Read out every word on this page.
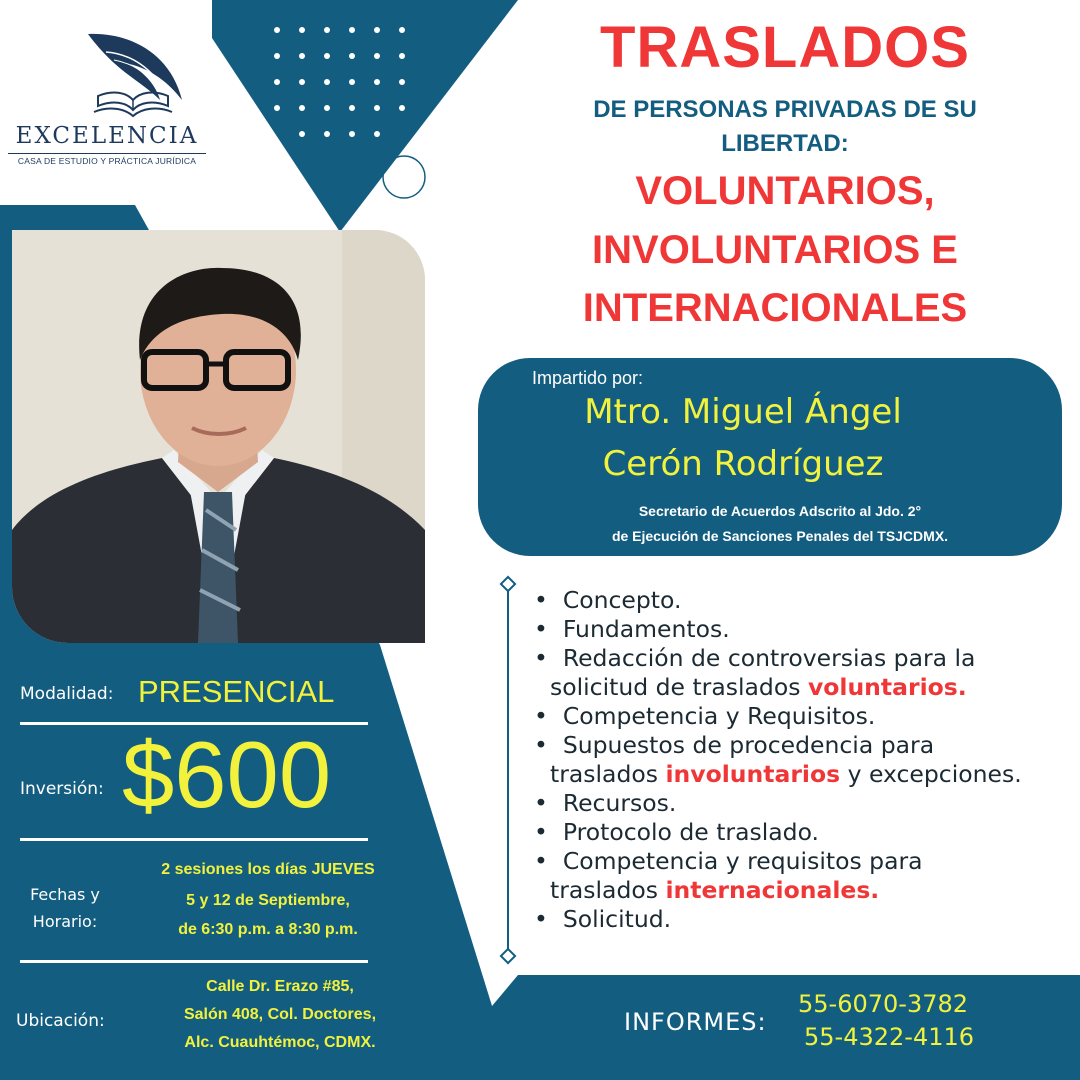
EXCELENCIA
CASA DE ESTUDIO Y PRÁCTICA JURÍDICA
TRASLADOS
DE PERSONAS PRIVADAS DE SU
LIBERTAD:
VOLUNTARIOS,
INVOLUNTARIOS E
INTERNACIONALES
Impartido por:
Mtro. Miguel Ángel
Cerón Rodríguez
Secretario de Acuerdos Adscrito al Jdo. 2°
de Ejecución de Sanciones Penales del TSJCDMX.
Modalidad: PRESENCIAL
Inversión: $600
Fechas y
Horario:
2 sesiones los días JUEVES
5 y 12 de Septiembre,
de 6:30 p.m. a 8:30 p.m.
Ubicación:
Calle Dr. Erazo #85,
Salón 408, Col. Doctores,
Alc. Cuauhtémoc, CDMX.
• Concepto.
• Fundamentos.
• Redacción de controversias para la
solicitud de traslados voluntarios.
• Competencia y Requisitos.
• Supuestos de procedencia para
traslados involuntarios y excepciones.
• Recursos.
• Protocolo de traslado.
• Competencia y requisitos para
traslados internacionales.
• Solicitud.
INFORMES:
55-6070-3782
55-4322-4116
